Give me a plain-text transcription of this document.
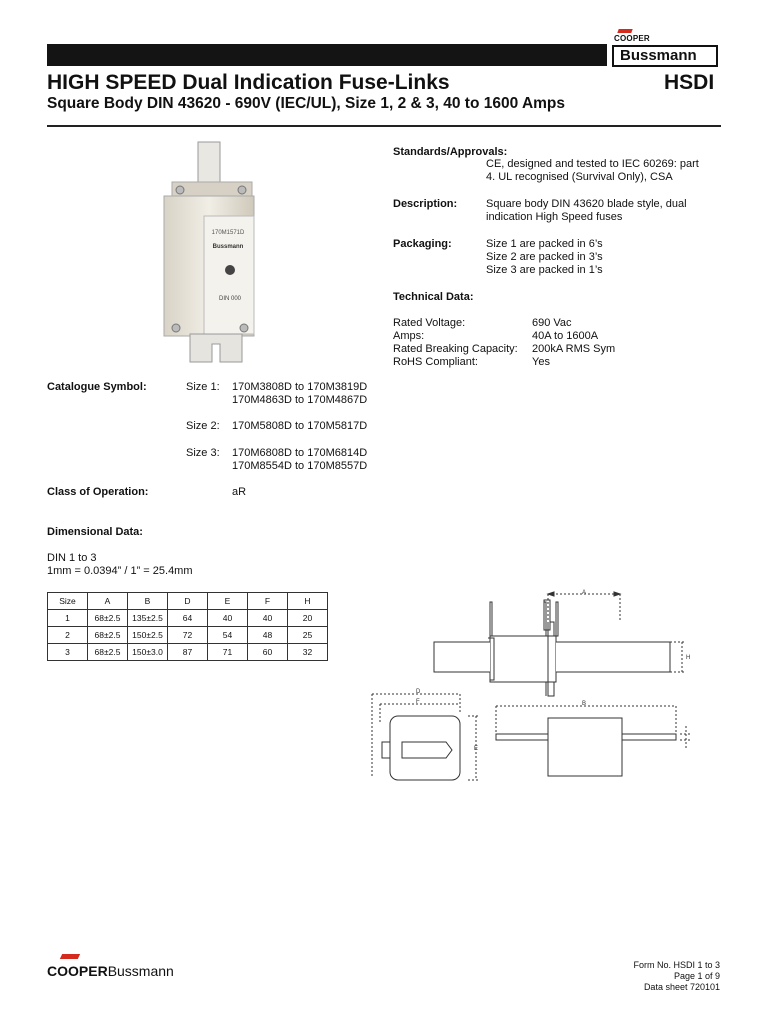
COOPER
Bussmann
HIGH SPEED Dual Indication Fuse-Links	HSDI
Square Body DIN 43620 - 690V (IEC/UL), Size 1, 2 & 3, 40 to 1600 Amps
170M1571D
Bussmann
DIN 000
Standards/Approvals:
CE, designed and tested to IEC 60269: part
4. UL recognised (Survival Only), CSA
Description:	Square body DIN 43620 blade style, dual
indication High Speed fuses
Packaging:	Size 1 are packed in 6’s
Size 2 are packed in 3’s
Size 3 are packed in 1’s
Technical Data:
Rated Voltage:	690 Vac
Amps:	40A to 1600A
Rated Breaking Capacity: 200kA RMS Sym
RoHS Compliant:	Yes
Catalogue Symbol:	Size 1: 170M3808D to 170M3819D
170M4863D to 170M4867D
Size 2: 170M5808D to 170M5817D
Size 3: 170M6808D to 170M6814D
170M8554D to 170M8557D
Class of Operation:	aR
Dimensional Data:
DIN 1 to 3
1mm = 0.0394” / 1” = 25.4mm
Size	A	B	D	E	F	H
1	68±2.5	135±2.5	64	40	40	20
2	68±2.5	150±2.5	72	54	48	25
3	68±2.5	150±3.0	87	71	60	32
A
H
B
D
F
E
COOPERBussmann	Form No. HSDI 1 to 3
Page 1 of 9
Data sheet 720101
